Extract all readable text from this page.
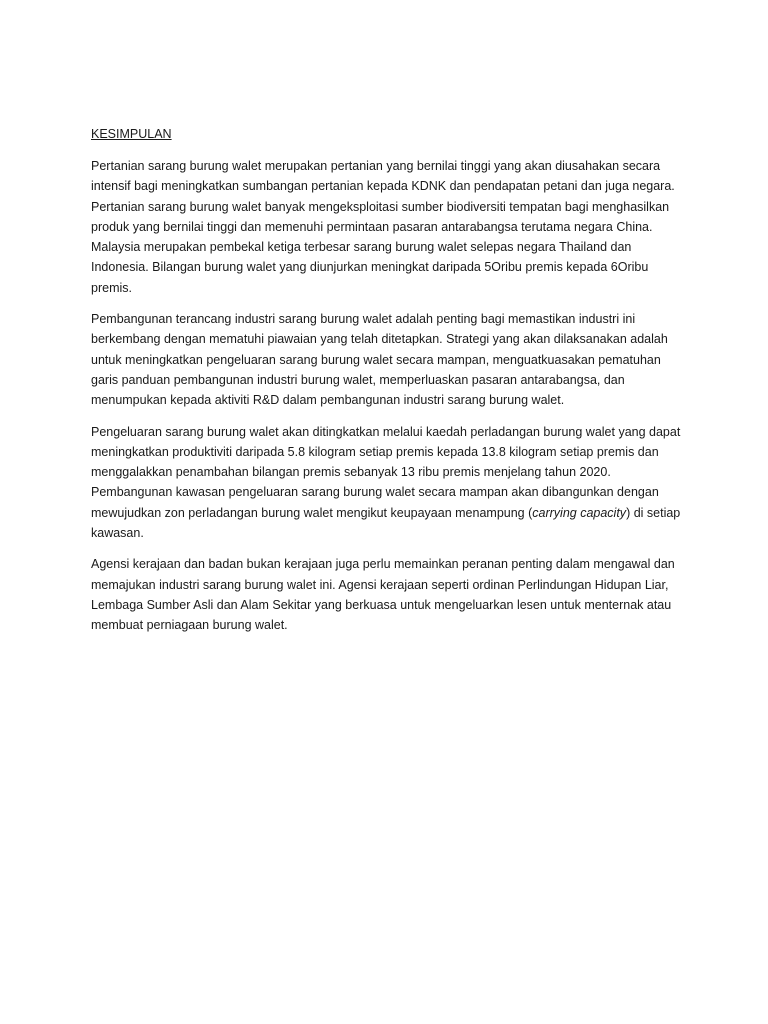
KESIMPULAN

Pertanian sarang burung walet merupakan pertanian yang bernilai tinggi yang akan diusahakan secara intensif bagi meningkatkan sumbangan pertanian kepada KDNK dan pendapatan petani dan juga negara. Pertanian sarang burung walet banyak mengeksploitasi sumber biodiversiti tempatan bagi menghasilkan produk yang bernilai tinggi dan memenuhi permintaan pasaran antarabangsa terutama negara China. Malaysia merupakan pembekal ketiga terbesar sarang burung walet selepas negara Thailand dan Indonesia. Bilangan burung walet yang diunjurkan meningkat daripada 5Oribu premis kepada 6Oribu premis.

Pembangunan terancang industri sarang burung walet adalah penting bagi memastikan industri ini berkembang dengan mematuhi piawaian yang telah ditetapkan. Strategi yang akan dilaksanakan adalah untuk meningkatkan pengeluaran sarang burung walet secara mampan, menguatkuasakan pematuhan garis panduan pembangunan industri burung walet, memperluaskan pasaran antarabangsa, dan menumpukan kepada aktiviti R&D dalam pembangunan industri sarang burung walet.

Pengeluaran sarang burung walet akan ditingkatkan melalui kaedah perladangan burung walet yang dapat meningkatkan produktiviti daripada 5.8 kilogram setiap premis kepada 13.8 kilogram setiap premis dan menggalakkan penambahan bilangan premis sebanyak 13 ribu premis menjelang tahun 2020. Pembangunan kawasan pengeluaran sarang burung walet secara mampan akan dibangunkan dengan mewujudkan zon perladangan burung walet mengikut keupayaan menampung (carrying capacity) di setiap kawasan.

Agensi kerajaan dan badan bukan kerajaan juga perlu memainkan peranan penting dalam mengawal dan memajukan industri sarang burung walet ini. Agensi kerajaan seperti ordinan Perlindungan Hidupan Liar, Lembaga Sumber Asli dan Alam Sekitar yang berkuasa untuk mengeluarkan lesen untuk menternak atau membuat perniagaan burung walet.
